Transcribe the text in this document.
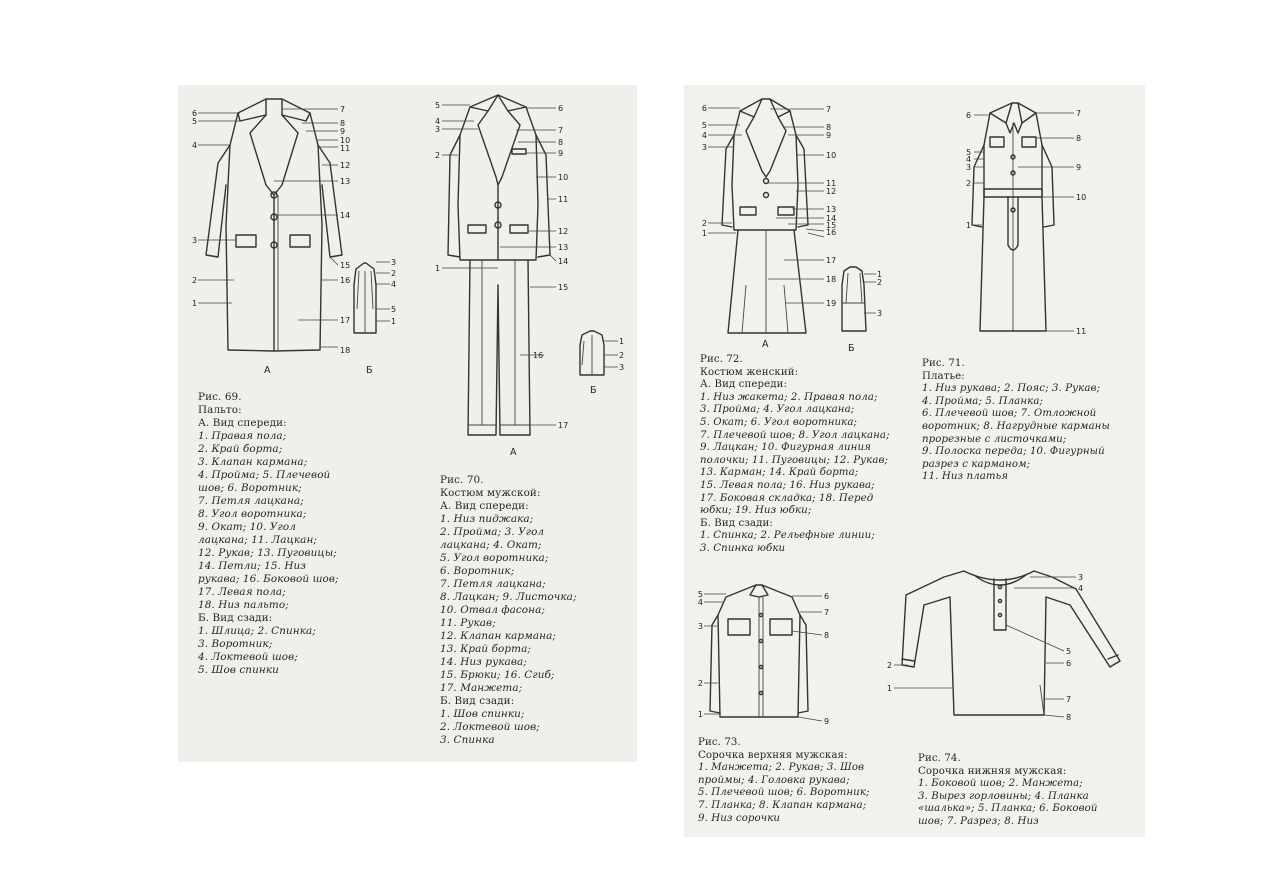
6
5
4
3
2
1
7
8
9
10
11
12
13
14
15
16
17
18
3
2
4
5
1
А	Б
5
4
3
2
1
6
7
8
9
10
11
12
13
14
15
16
17
1
2
3
Б
А
Рис. 69.
Пальто:
А. Вид спереди:
1. Правая пола;
2. Край борта;
3. Клапан кармана;
4. Пройма; 5. Плечевой
шов; 6. Воротник;
7. Петля лацкана;
8. Угол воротника;
9. Окат; 10. Угол
лацкана; 11. Лацкан;
12. Рукав; 13. Пуговицы;
14. Петли; 15. Низ
рукава; 16. Боковой шов;
17. Левая пола;
18. Низ пальто;
Б. Вид сзади:
1. Шлица; 2. Спинка;
3. Воротник;
4. Локтевой шов;
5. Шов спинки
Рис. 70.
Костюм мужской:
А. Вид спереди:
1. Низ пиджака;
2. Пройма; 3. Угол
лацкана; 4. Окат;
5. Угол воротника;
6. Воротник;
7. Петля лацкана;
8. Лацкан; 9. Листочка;
10. Отвал фасона;
11. Рукав;
12. Клапан кармана;
13. Край борта;
14. Низ рукава;
15. Брюки; 16. Сгиб;
17. Манжета;
Б. Вид сзади:
1. Шов спинки;
2. Локтевой шов;
3. Спинка
6
5
4
3
2
1
7
8
9
10
11
12
13
14
15
16
17
18
19
1
2
3
А	Б
6
5
4
3
2
1
7
8
9
10
11
5
4
3
2
1
6
7
8
9
2
1
3
4
5
6
7
8
Рис. 72.
Костюм женский:
А. Вид спереди:
1. Низ жакета; 2. Правая пола;
3. Пройма; 4. Угол лацкана;
5. Окат; 6. Угол воротника;
7. Плечевой шов; 8. Угол лацкана;
9. Лацкан; 10. Фигурная линия
полочки; 11. Пуговицы; 12. Рукав;
13. Карман; 14. Край борта;
15. Левая пола; 16. Низ рукава;
17. Боковая складка; 18. Перед
юбки; 19. Низ юбки;
Б. Вид сзади:
1. Спинка; 2. Рельефные линии;
3. Спинка юбки
Рис. 71.
Платье:
1. Низ рукава; 2. Пояс; 3. Рукав;
4. Пройма; 5. Планка;
6. Плечевой шов; 7. Отложной
воротник; 8. Нагрудные карманы
прорезные с листочками;
9. Полоска переда; 10. Фигурный
разрез с карманом;
11. Низ платья
Рис. 73.
Сорочка верхняя мужская:
1. Манжета; 2. Рукав; 3. Шов
проймы; 4. Головка рукава;
5. Плечевой шов; 6. Воротник;
7. Планка; 8. Клапан кармана;
9. Низ сорочки
Рис. 74.
Сорочка нижняя мужская:
1. Боковой шов; 2. Манжета;
3. Вырез горловины; 4. Планка
«шалька»; 5. Планка; 6. Боковой
шов; 7. Разрез; 8. Низ
